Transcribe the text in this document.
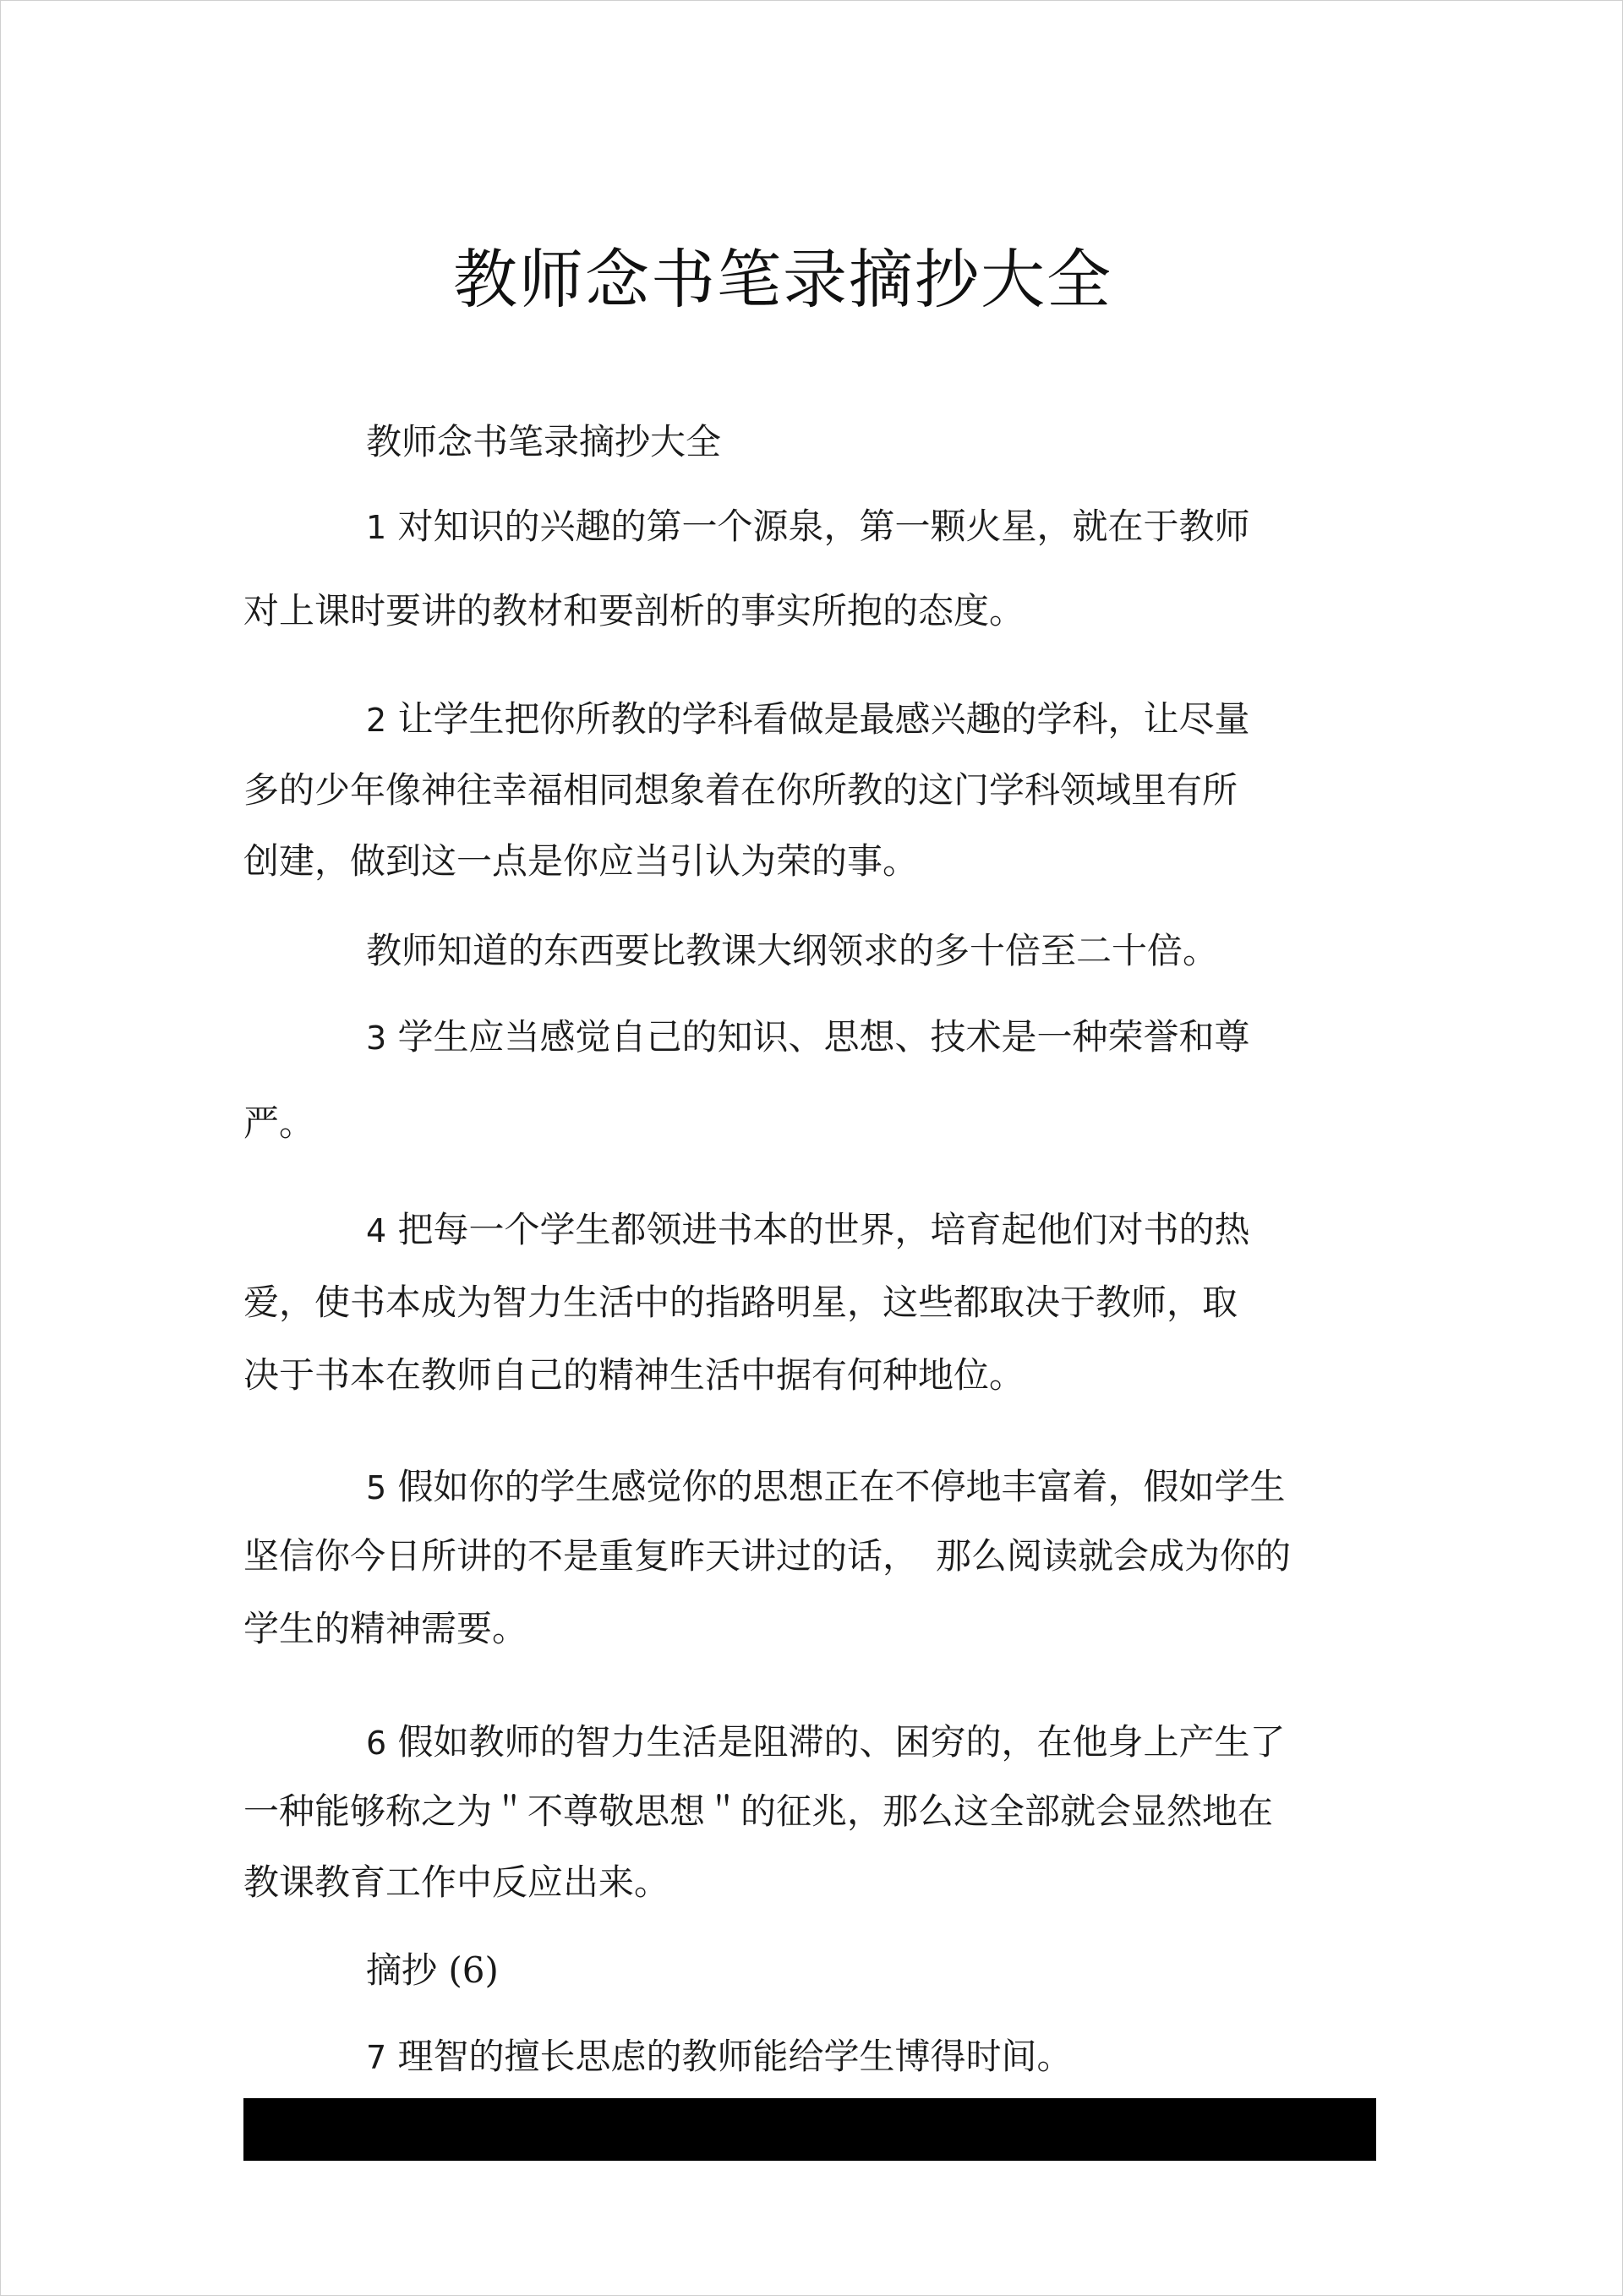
教师念书笔录摘抄大全
教师念书笔录摘抄大全
1 对知识的兴趣的第一个源泉，第一颗火星，就在于教师
对上课时要讲的教材和要剖析的事实所抱的态度。
2 让学生把你所教的学科看做是最感兴趣的学科，让尽量
多的少年像神往幸福相同想象着在你所教的这门学科领域里有所
创建，做到这一点是你应当引认为荣的事。
教师知道的东西要比教课大纲领求的多十倍至二十倍。
3 学生应当感觉自己的知识、思想、技术是一种荣誉和尊
严。
4 把每一个学生都领进书本的世界，培育起他们对书的热
爱，使书本成为智力生活中的指路明星，这些都取决于教师，取
决于书本在教师自己的精神生活中据有何种地位。
5 假如你的学生感觉你的思想正在不停地丰富着，假如学生
坚信你今日所讲的不是重复昨天讲过的话，　那么阅读就会成为你的
学生的精神需要。
6 假如教师的智力生活是阻滞的、困穷的，在他身上产生了
一种能够称之为＂不尊敬思想＂的征兆，那么这全部就会显然地在
教课教育工作中反应出来。
摘抄 (6)
7 理智的擅长思虑的教师能给学生博得时间。
